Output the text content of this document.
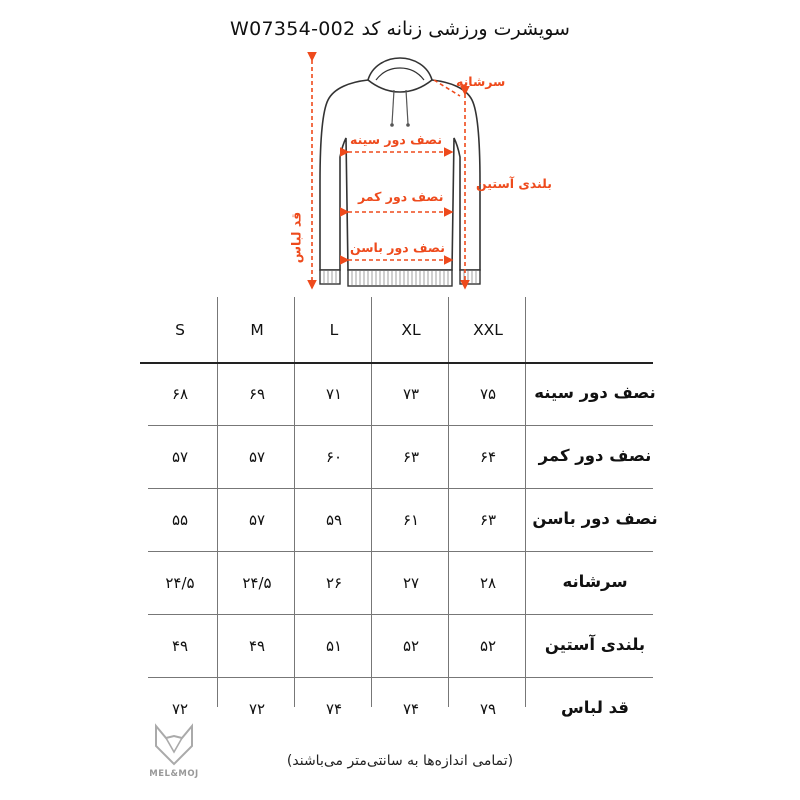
سویشرت ورزشی زنانه کد W07354-002
سرشانه
نصف دور سینه
بلندی آستین
نصف دور کمر
نصف دور باسن
قد لباس
S	M	L	XL	XXL
۶۸	۶۹	۷۱	۷۳	۷۵	نصف دور سینه
۵۷	۵۷	۶۰	۶۳	۶۴	نصف دور کمر
۵۵	۵۷	۵۹	۶۱	۶۳	نصف دور باسن
۲۴/۵	۲۴/۵	۲۶	۲۷	۲۸	سرشانه
۴۹	۴۹	۵۱	۵۲	۵۲	بلندی آستین
۷۲	۷۲	۷۴	۷۴	۷۹	قد لباس
MEL&MOJ
(تمامی اندازه‌ها به سانتی‌متر می‌باشند)
